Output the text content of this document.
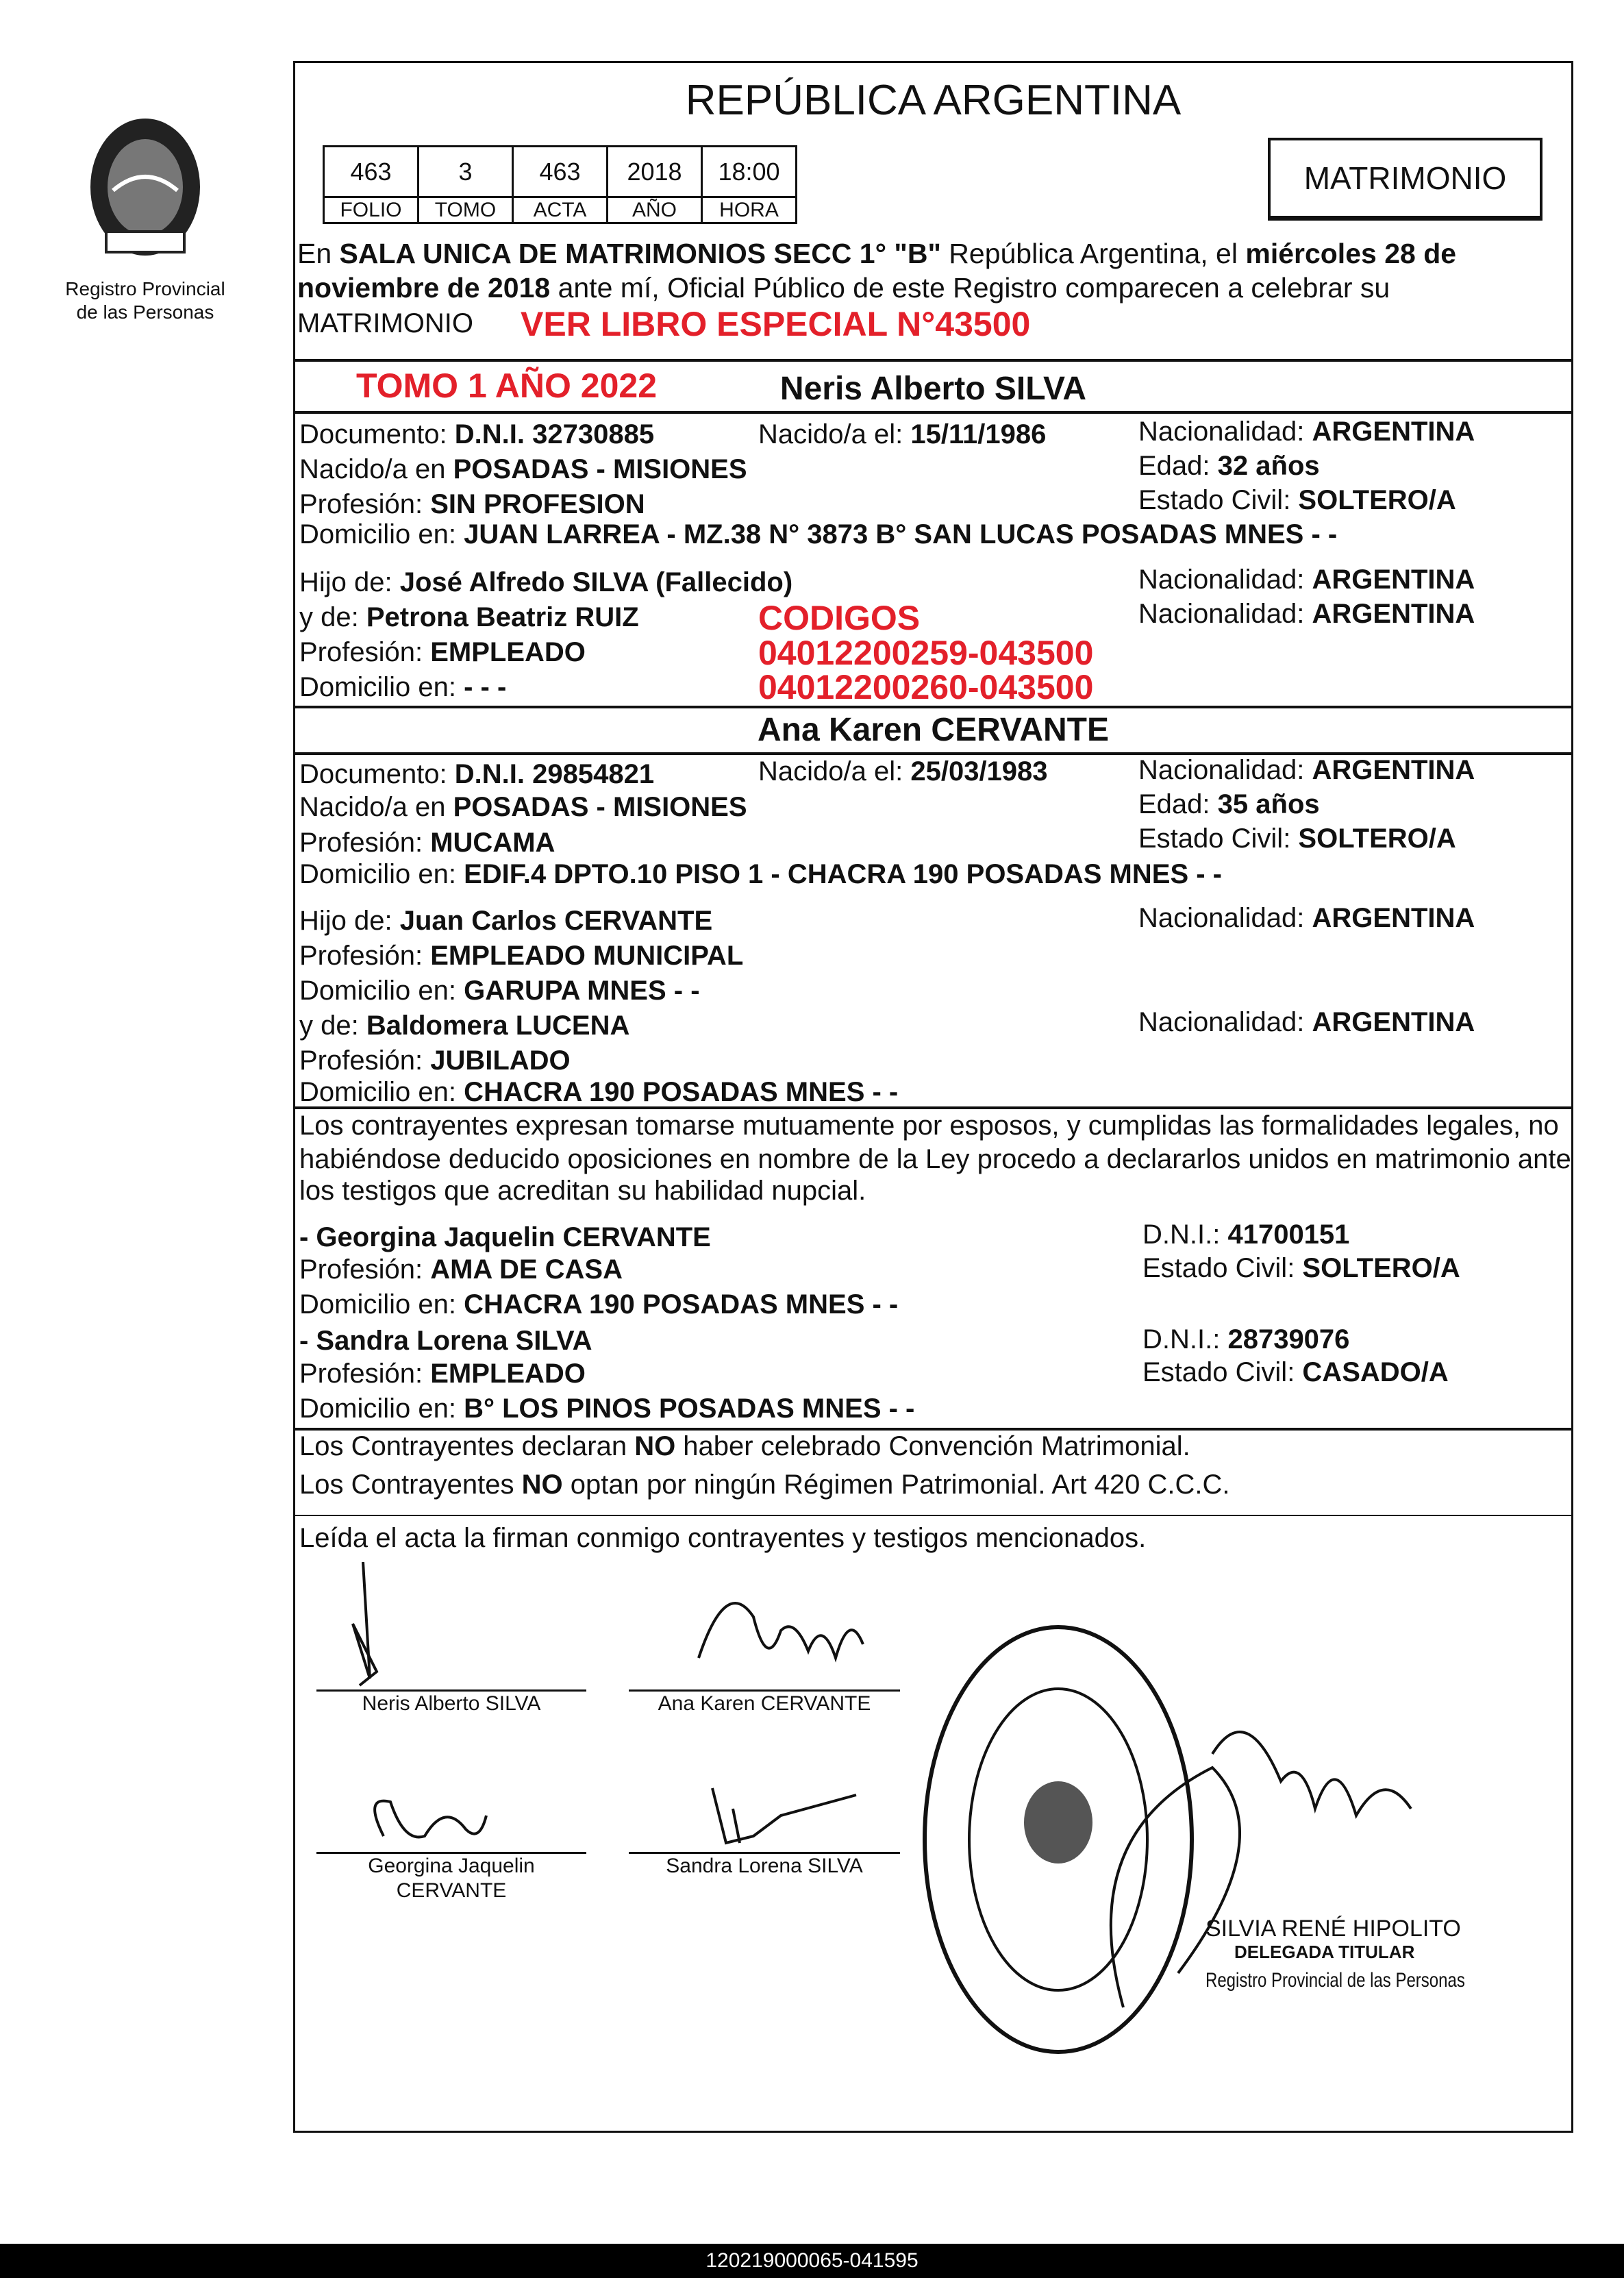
Registro Provincial
de las Personas
REPÚBLICA ARGENTINA
463	3	463	2018	18:00
FOLIO	TOMO	ACTA	AÑO	HORA
MATRIMONIO
En SALA UNICA DE MATRIMONIOS SECC 1° "B" República Argentina, el miércoles 28 de
noviembre de 2018 ante mí, Oficial Público de este Registro comparecen a celebrar su
MATRIMONIO
Neris Alberto SILVA
Documento: D.N.I. 32730885	Nacido/a el: 15/11/1986	Nacionalidad: ARGENTINA
Nacido/a en POSADAS - MISIONES	Edad: 32 años
Profesión: SIN PROFESION	Estado Civil: SOLTERO/A
Domicilio en: JUAN LARREA - MZ.38 N° 3873 B° SAN LUCAS POSADAS MNES - -
Hijo de: José Alfredo SILVA (Fallecido)	Nacionalidad: ARGENTINA
y de: Petrona Beatriz RUIZ	Nacionalidad: ARGENTINA
Profesión: EMPLEADO
Domicilio en: - - -
Ana Karen CERVANTE
Documento: D.N.I. 29854821	Nacido/a el: 25/03/1983	Nacionalidad: ARGENTINA
Nacido/a en POSADAS - MISIONES	Edad: 35 años
Profesión: MUCAMA	Estado Civil: SOLTERO/A
Domicilio en: EDIF.4 DPTO.10 PISO 1 - CHACRA 190 POSADAS MNES - -
Hijo de: Juan Carlos CERVANTE	Nacionalidad: ARGENTINA
Profesión: EMPLEADO MUNICIPAL
Domicilio en: GARUPA MNES - -
y de: Baldomera LUCENA	Nacionalidad: ARGENTINA
Profesión: JUBILADO
Domicilio en: CHACRA 190 POSADAS MNES - -
Los contrayentes expresan tomarse mutuamente por esposos, y cumplidas las formalidades legales, no
habiéndose deducido oposiciones en nombre de la Ley procedo a declararlos unidos en matrimonio ante
los testigos que acreditan su habilidad nupcial.
- Georgina Jaquelin CERVANTE	D.N.I.: 41700151
Profesión: AMA DE CASA	Estado Civil: SOLTERO/A
Domicilio en: CHACRA 190 POSADAS MNES - -
- Sandra Lorena SILVA	D.N.I.: 28739076
Profesión: EMPLEADO	Estado Civil: CASADO/A
Domicilio en: B° LOS PINOS POSADAS MNES - -
Los Contrayentes declaran NO haber celebrado Convención Matrimonial.
Los Contrayentes NO optan por ningún Régimen Patrimonial. Art 420 C.C.C.
Leída el acta la firman conmigo contrayentes y testigos mencionados.
Neris Alberto SILVA	Ana Karen CERVANTE
Georgina Jaquelin
CERVANTE
Sandra Lorena SILVA
SILVIA RENÉ HIPOLITO
DELEGADA TITULAR
Registro Provincial de las Personas
VER LIBRO ESPECIAL N°43500
TOMO 1 AÑO 2022
CODIGOS
04012200259-043500
04012200260-043500
120219000065-041595
